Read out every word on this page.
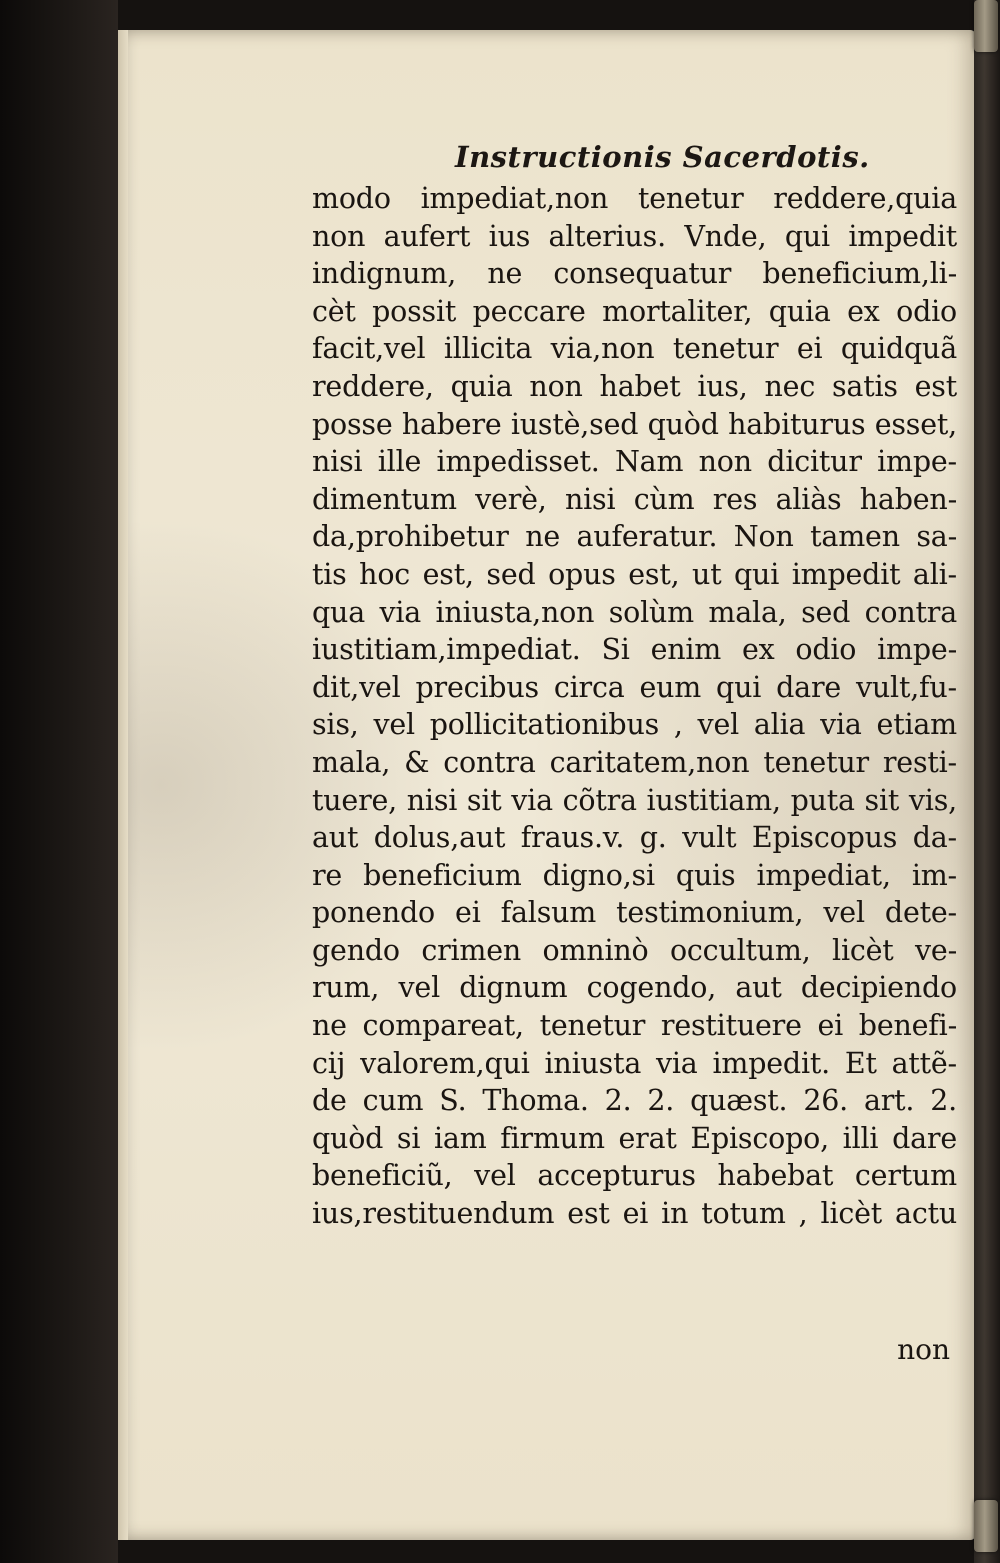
Instructionis Sacerdotis.
modo impediat,non tenetur reddere,quia
non aufert ius alterius. Vnde, qui impedit
indignum, ne consequatur beneficium,li-
cèt possit peccare mortaliter, quia ex odio
facit,vel illicita via,non tenetur ei quidquã
reddere, quia non habet ius, nec satis est
posse habere iustè,sed quòd habiturus esset,
nisi ille impedisset. Nam non dicitur impe-
dimentum verè, nisi cùm res aliàs haben-
da,prohibetur ne auferatur. Non tamen sa-
tis hoc est, sed opus est, ut qui impedit ali-
qua via iniusta,non solùm mala, sed contra
iustitiam,impediat. Si enim ex odio impe-
dit,vel precibus circa eum qui dare vult,fu-
sis, vel pollicitationibus , vel alia via etiam
mala, & contra caritatem,non tenetur resti-
tuere, nisi sit via cõtra iustitiam, puta sit vis,
aut dolus,aut fraus.v. g. vult Episcopus da-
re beneficium digno,si quis impediat, im-
ponendo ei falsum testimonium, vel dete-
gendo crimen omninò occultum, licèt ve-
rum, vel dignum cogendo, aut decipiendo
ne compareat, tenetur restituere ei benefi-
cij valorem,qui iniusta via impedit. Et attẽ-
de cum S. Thoma. 2. 2. quæst. 26. art. 2.
quòd si iam firmum erat Episcopo, illi dare
beneficiũ, vel accepturus habebat certum
ius,restituendum est ei in totum , licèt actu
non
